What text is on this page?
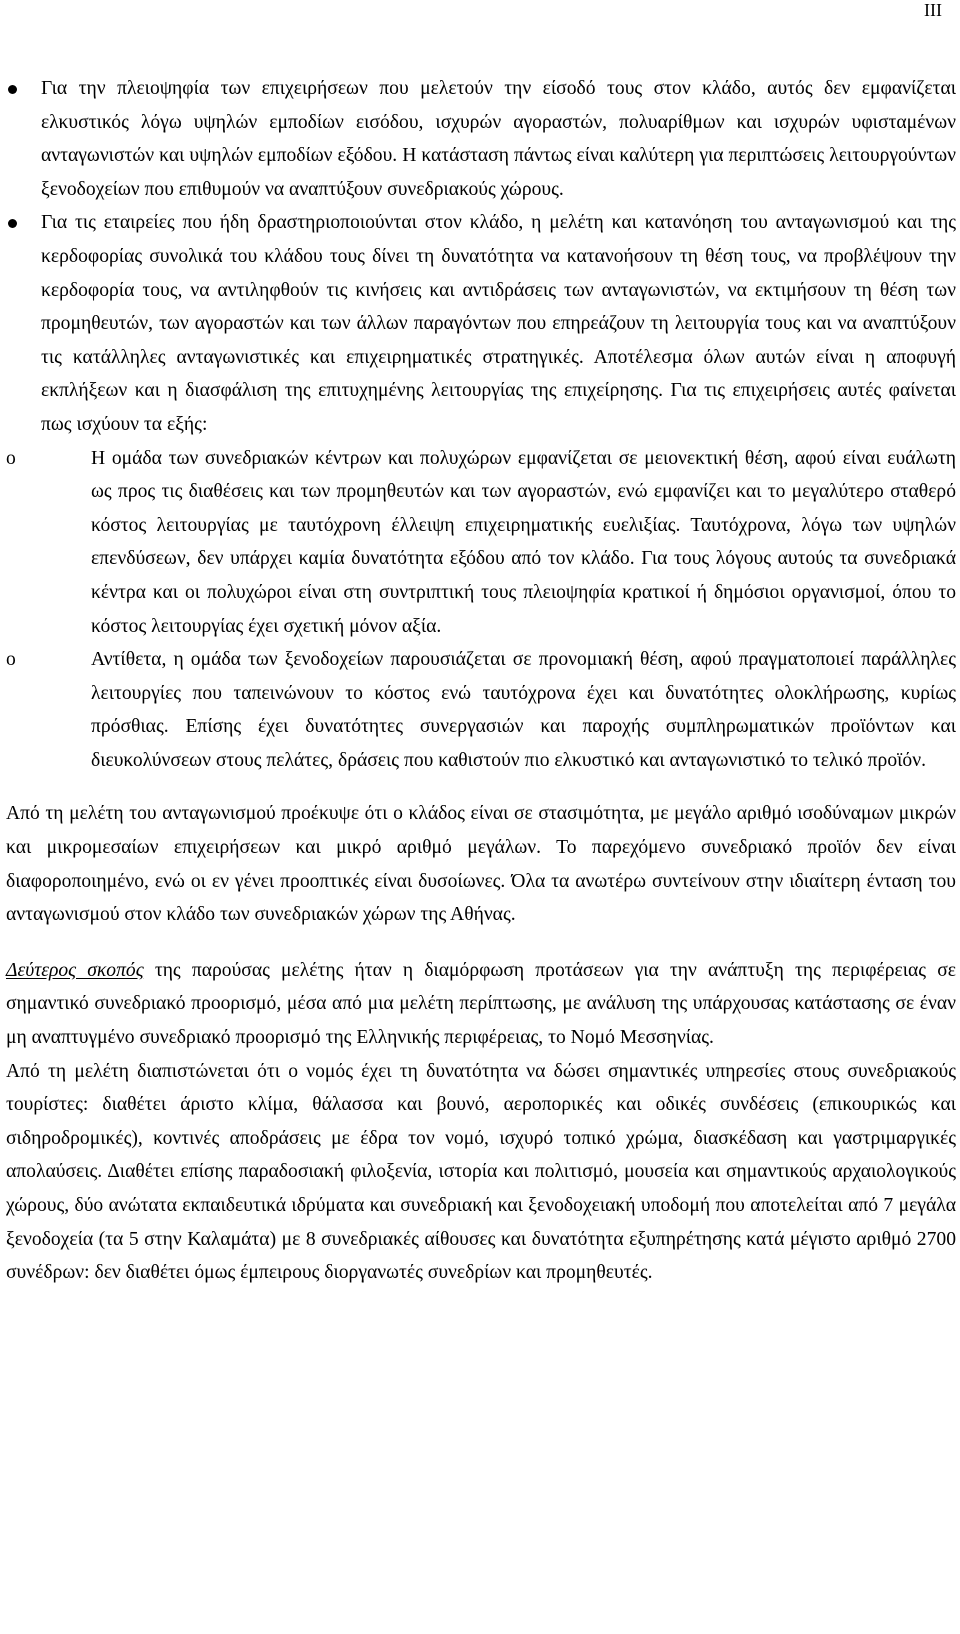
III

Για την πλειοψηφία των επιχειρήσεων που μελετούν την είσοδό τους στον κλάδο, αυτός δεν εμφανίζεται ελκυστικός λόγω υψηλών εμποδίων εισόδου, ισχυρών αγοραστών, πολυαρίθμων και ισχυρών υφισταμένων ανταγωνιστών και υψηλών εμποδίων εξόδου. Η κατάσταση πάντως είναι καλύτερη για περιπτώσεις λειτουργούντων ξενοδοχείων που επιθυμούν να αναπτύξουν συνεδριακούς χώρους.

Για τις εταιρείες που ήδη δραστηριοποιούνται στον κλάδο, η μελέτη και κατανόηση του ανταγωνισμού και της κερδοφορίας συνολικά του κλάδου τους δίνει τη δυνατότητα να κατανοήσουν τη θέση τους, να προβλέψουν την κερδοφορία τους, να αντιληφθούν τις κινήσεις και αντιδράσεις των ανταγωνιστών, να εκτιμήσουν τη θέση των προμηθευτών, των αγοραστών και των άλλων παραγόντων που επηρεάζουν τη λειτουργία τους και να αναπτύξουν τις κατάλληλες ανταγωνιστικές και επιχειρηματικές στρατηγικές. Αποτέλεσμα όλων αυτών είναι η αποφυγή εκπλήξεων και η διασφάλιση της επιτυχημένης λειτουργίας της επιχείρησης. Για τις επιχειρήσεις αυτές φαίνεται πως ισχύουν τα εξής:

o

Η ομάδα των συνεδριακών κέντρων και πολυχώρων εμφανίζεται σε μειονεκτική θέση, αφού είναι ευάλωτη ως προς τις διαθέσεις και των προμηθευτών και των αγοραστών, ενώ εμφανίζει και το μεγαλύτερο σταθερό κόστος λειτουργίας με ταυτόχρονη έλλειψη επιχειρηματικής ευελιξίας. Ταυτόχρονα, λόγω των υψηλών επενδύσεων, δεν υπάρχει καμία δυνατότητα εξόδου από τον κλάδο. Για τους λόγους αυτούς τα συνεδριακά κέντρα και οι πολυχώροι είναι στη συντριπτική τους πλειοψηφία κρατικοί ή δημόσιοι οργανισμοί, όπου το κόστος λειτουργίας έχει σχετική μόνον αξία.

o

Αντίθετα, η ομάδα των ξενοδοχείων παρουσιάζεται σε προνομιακή θέση, αφού πραγματοποιεί παράλληλες λειτουργίες που ταπεινώνουν το κόστος ενώ ταυτόχρονα έχει και δυνατότητες ολοκλήρωσης, κυρίως πρόσθιας. Επίσης έχει δυνατότητες συνεργασιών και παροχής συμπληρωματικών προϊόντων και διευκολύνσεων στους πελάτες, δράσεις που καθιστούν πιο ελκυστικό και ανταγωνιστικό το τελικό προϊόν.

Από τη μελέτη του ανταγωνισμού προέκυψε ότι ο κλάδος είναι σε στασιμότητα, με μεγάλο αριθμό ισοδύναμων μικρών και μικρομεσαίων επιχειρήσεων και μικρό αριθμό μεγάλων. Το παρεχόμενο συνεδριακό προϊόν δεν είναι διαφοροποιημένο, ενώ οι εν γένει προοπτικές είναι δυσοίωνες. Όλα τα ανωτέρω συντείνουν στην ιδιαίτερη ένταση του ανταγωνισμού στον κλάδο των συνεδριακών χώρων της Αθήνας.

Δεύτερος σκοπός της παρούσας μελέτης ήταν η διαμόρφωση προτάσεων για την ανάπτυξη της περιφέρειας σε σημαντικό συνεδριακό προορισμό, μέσα από μια μελέτη περίπτωσης, με ανάλυση της υπάρχουσας κατάστασης σε έναν μη αναπτυγμένο συνεδριακό προορισμό της Ελληνικής περιφέρειας, το Νομό Μεσσηνίας.

Από τη μελέτη διαπιστώνεται ότι ο νομός έχει τη δυνατότητα να δώσει σημαντικές υπηρεσίες στους συνεδριακούς τουρίστες: διαθέτει άριστο κλίμα, θάλασσα και βουνό, αεροπορικές και οδικές συνδέσεις (επικουρικώς και σιδηροδρομικές), κοντινές αποδράσεις με έδρα τον νομό, ισχυρό τοπικό χρώμα, διασκέδαση και γαστριμαργικές απολαύσεις. Διαθέτει επίσης παραδοσιακή φιλοξενία, ιστορία και πολιτισμό, μουσεία και σημαντικούς αρχαιολογικούς χώρους, δύο ανώτατα εκπαιδευτικά ιδρύματα και συνεδριακή και ξενοδοχειακή υποδομή που αποτελείται από 7 μεγάλα ξενοδοχεία (τα 5 στην Καλαμάτα) με 8 συνεδριακές αίθουσες και δυνατότητα εξυπηρέτησης κατά μέγιστο αριθμό 2700 συνέδρων: δεν διαθέτει όμως έμπειρους διοργανωτές συνεδρίων και προμηθευτές.
